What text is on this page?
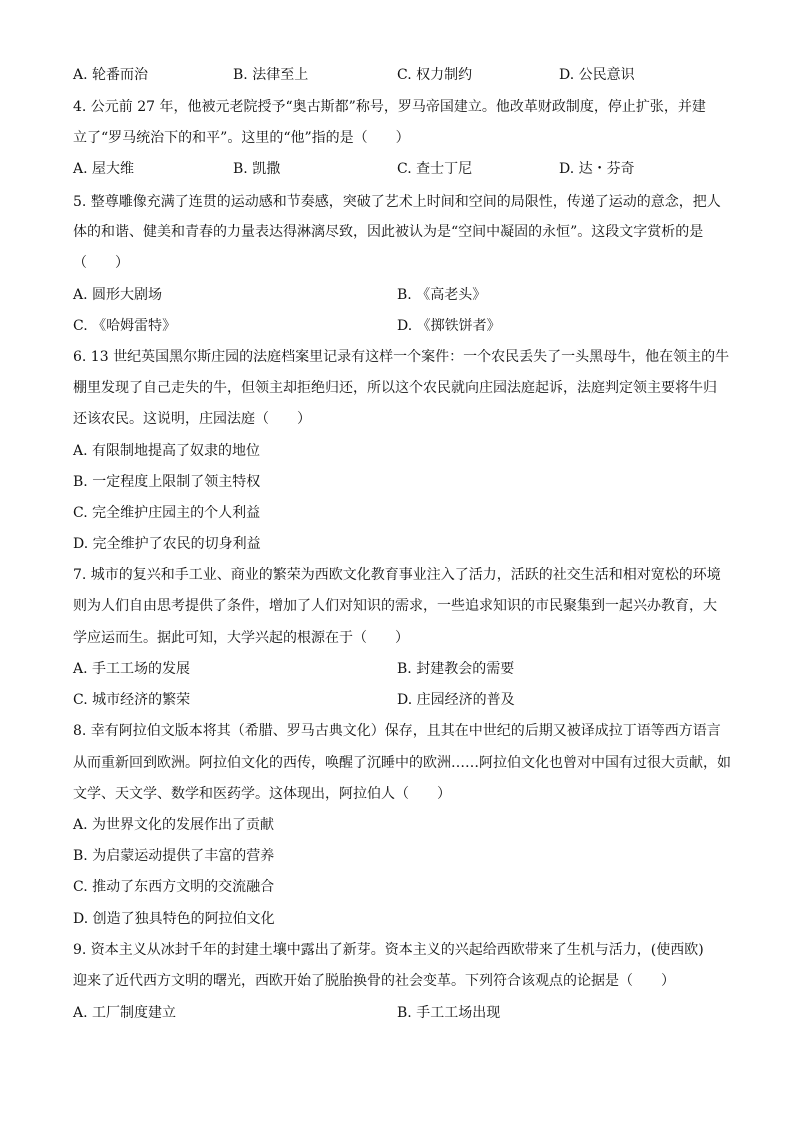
A. 轮番而治	B. 法律至上	C. 权力制约	D. 公民意识
4. 公元前 27 年，他被元老院授予“奥古斯都”称号，罗马帝国建立。他改革财政制度，停止扩张，并建
立了“罗马统治下的和平”。这里的“他”指的是（　　）
A. 屋大维	B. 凯撒	C. 查士丁尼	D. 达・芬奇
5. 整尊雕像充满了连贯的运动感和节奏感，突破了艺术上时间和空间的局限性，传递了运动的意念，把人
体的和谐、健美和青春的力量表达得淋漓尽致，因此被认为是“空间中凝固的永恒”。这段文字赏析的是
（　　）
A. 圆形大剧场	B. 《高老头》
C. 《哈姆雷特》	D. 《掷铁饼者》
6. 13 世纪英国黑尔斯庄园的法庭档案里记录有这样一个案件：一个农民丢失了一头黑母牛，他在领主的牛
棚里发现了自己走失的牛，但领主却拒绝归还，所以这个农民就向庄园法庭起诉，法庭判定领主要将牛归
还该农民。这说明，庄园法庭（　　）
A. 有限制地提高了奴隶的地位
B. 一定程度上限制了领主特权
C. 完全维护庄园主的个人利益
D. 完全维护了农民的切身利益
7. 城市的复兴和手工业、商业的繁荣为西欧文化教育事业注入了活力，活跃的社交生活和相对宽松的环境
则为人们自由思考提供了条件，增加了人们对知识的需求，一些追求知识的市民聚集到一起兴办教育，大
学应运而生。据此可知，大学兴起的根源在于（　　）
A. 手工工场的发展	B. 封建教会的需要
C. 城市经济的繁荣	D. 庄园经济的普及
8. 幸有阿拉伯文版本将其（希腊、罗马古典文化）保存，且其在中世纪的后期又被译成拉丁语等西方语言
从而重新回到欧洲。阿拉伯文化的西传，唤醒了沉睡中的欧洲……阿拉伯文化也曾对中国有过很大贡献，如
文学、天文学、数学和医药学。这体现出，阿拉伯人（　　）
A. 为世界文化的发展作出了贡献
B. 为启蒙运动提供了丰富的营养
C. 推动了东西方文明的交流融合
D. 创造了独具特色的阿拉伯文化
9. 资本主义从冰封千年的封建土壤中露出了新芽。资本主义的兴起给西欧带来了生机与活力，(使西欧)
迎来了近代西方文明的曙光，西欧开始了脱胎换骨的社会变革。下列符合该观点的论据是（　　）
A. 工厂制度建立	B. 手工工场出现
